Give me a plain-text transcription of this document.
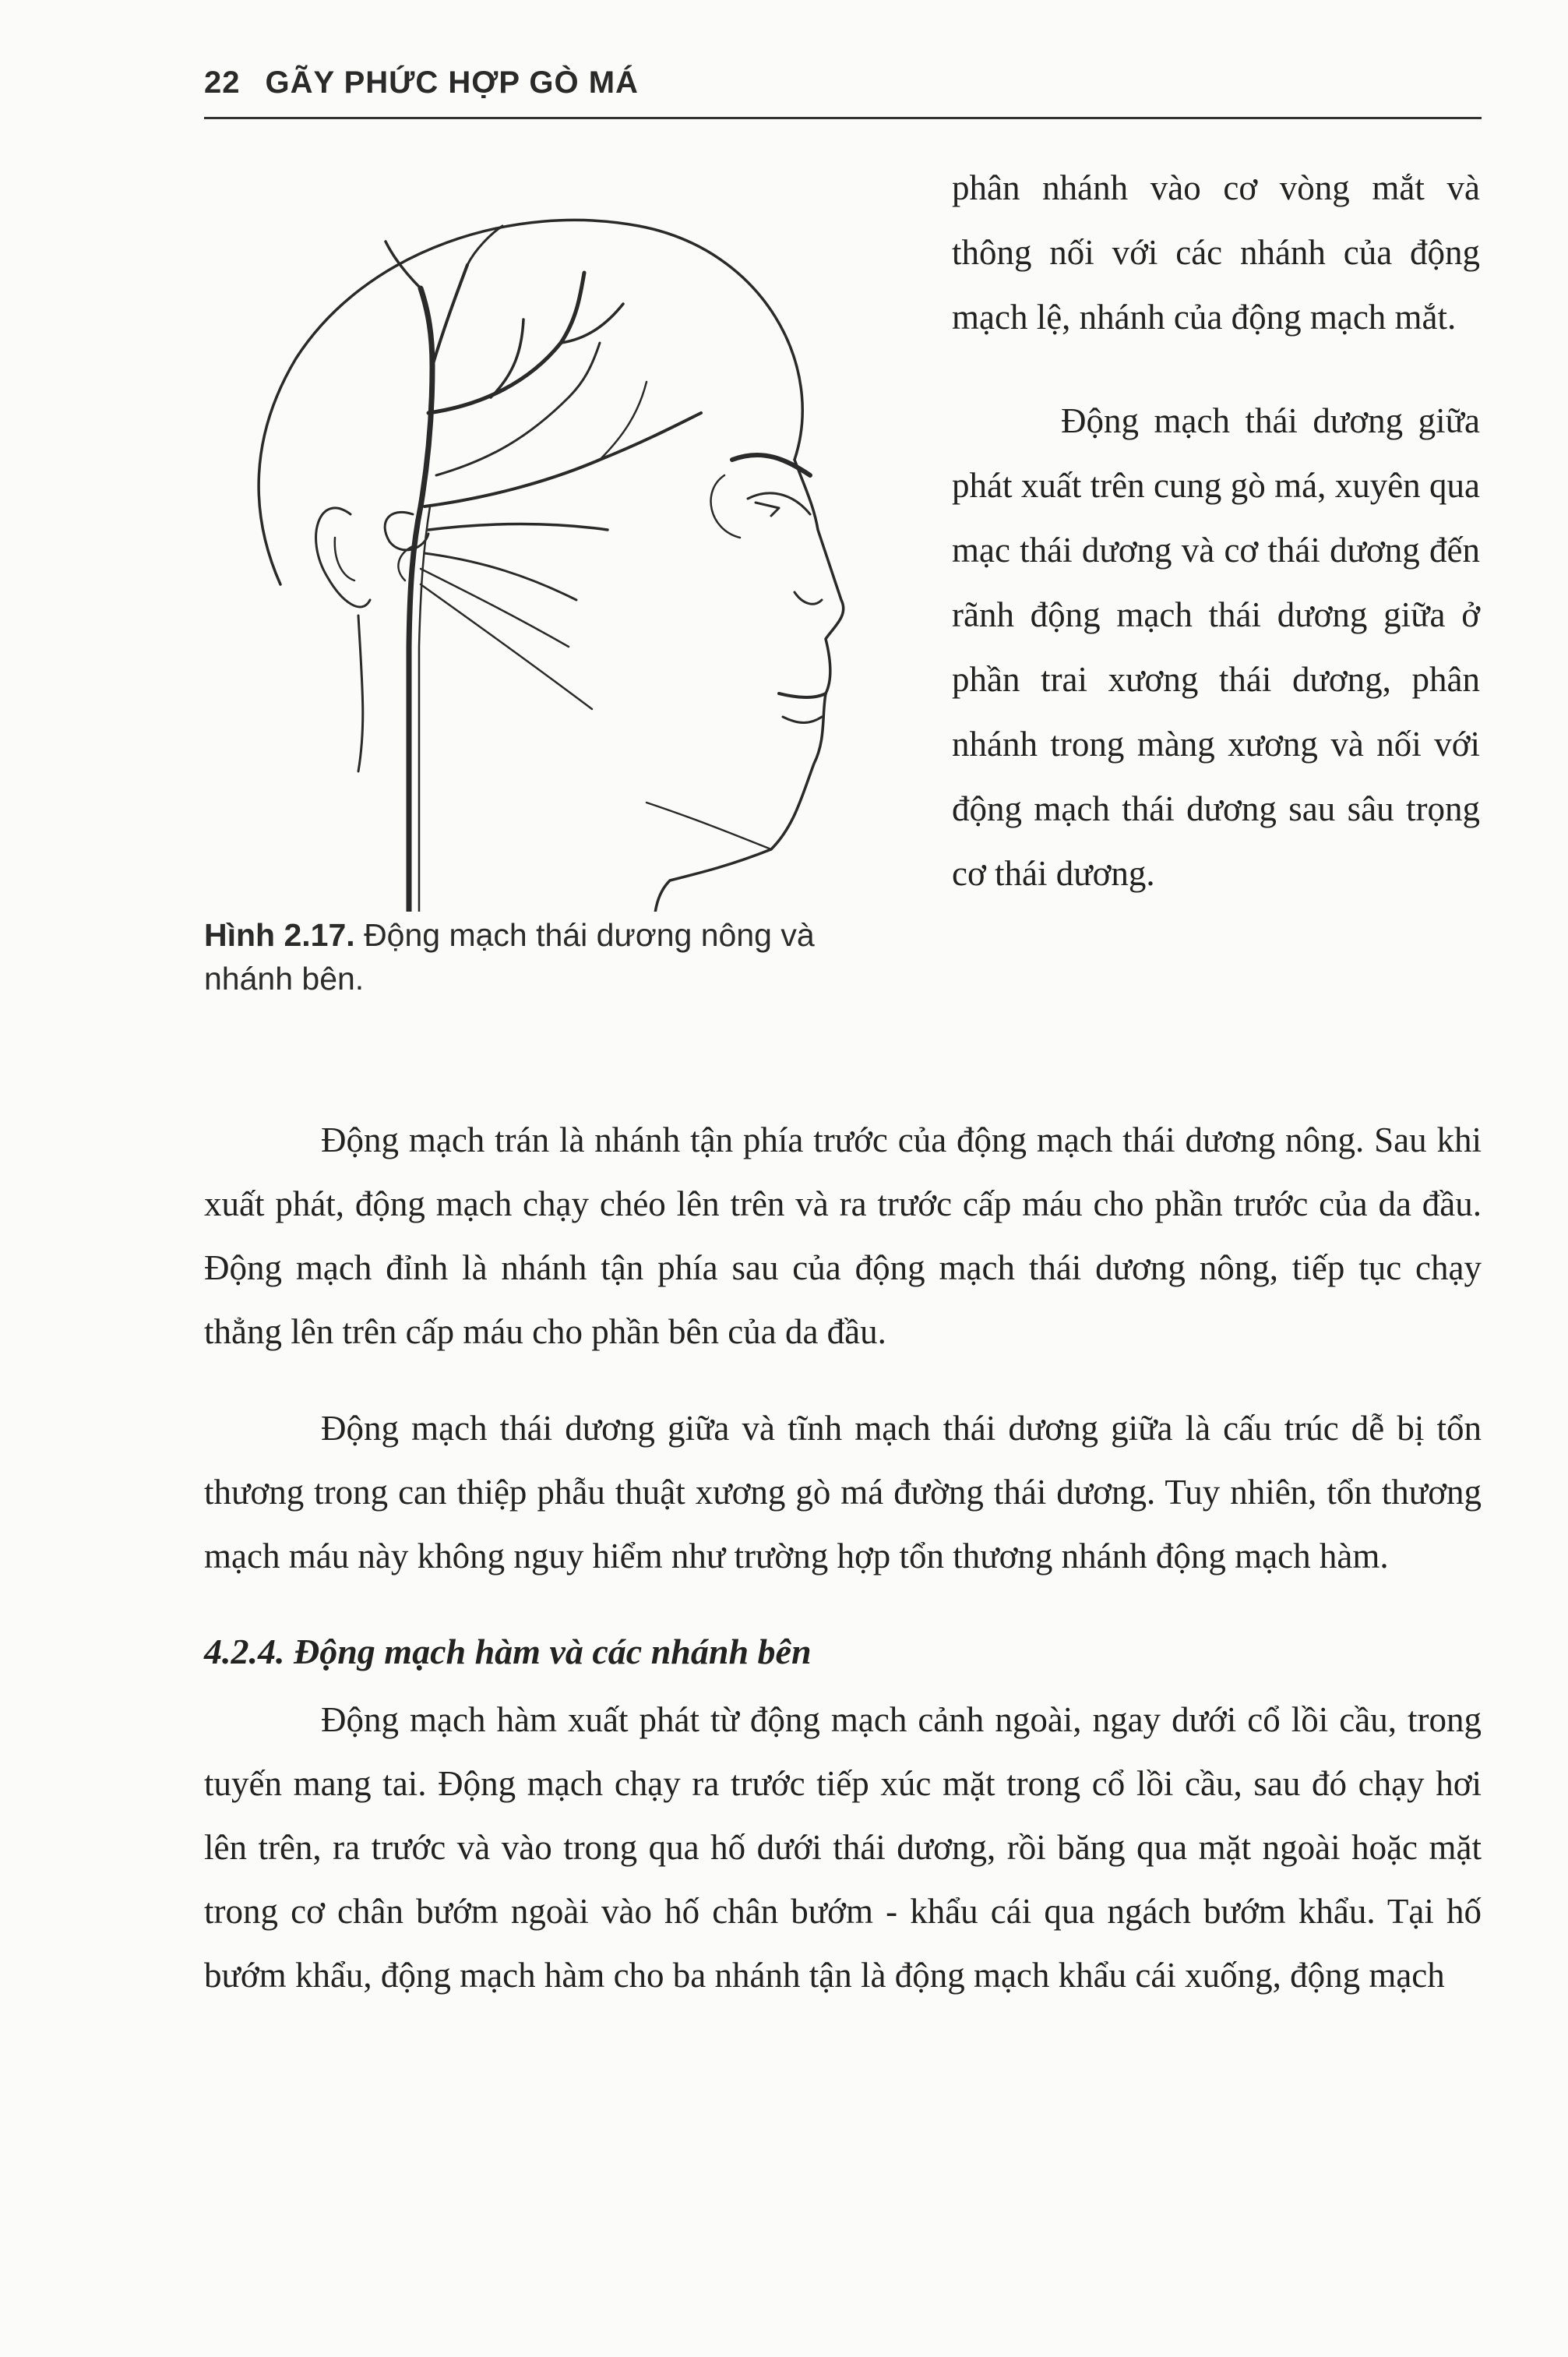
22 GÃY PHỨC HỢP GÒ MÁ
Hình 2.17. Động mạch thái dương nông và nhánh bên.

phân nhánh vào cơ vòng mắt và thông nối với các nhánh của động mạch lệ, nhánh của động mạch mắt.

Động mạch thái dương giữa phát xuất trên cung gò má, xuyên qua mạc thái dương và cơ thái dương đến rãnh động mạch thái dương giữa ở phần trai xương thái dương, phân nhánh trong màng xương và nối với động mạch thái dương sau sâu trọng cơ thái dương.

Động mạch trán là nhánh tận phía trước của động mạch thái dương nông. Sau khi xuất phát, động mạch chạy chéo lên trên và ra trước cấp máu cho phần trước của da đầu. Động mạch đỉnh là nhánh tận phía sau của động mạch thái dương nông, tiếp tục chạy thẳng lên trên cấp máu cho phần bên của da đầu.

Động mạch thái dương giữa và tĩnh mạch thái dương giữa là cấu trúc dễ bị tổn thương trong can thiệp phẫu thuật xương gò má đường thái dương. Tuy nhiên, tổn thương mạch máu này không nguy hiểm như trường hợp tổn thương nhánh động mạch hàm.

4.2.4. Động mạch hàm và các nhánh bên

Động mạch hàm xuất phát từ động mạch cảnh ngoài, ngay dưới cổ lồi cầu, trong tuyến mang tai. Động mạch chạy ra trước tiếp xúc mặt trong cổ lồi cầu, sau đó chạy hơi lên trên, ra trước và vào trong qua hố dưới thái dương, rồi băng qua mặt ngoài hoặc mặt trong cơ chân bướm ngoài vào hố chân bướm - khẩu cái qua ngách bướm khẩu. Tại hố bướm khẩu, động mạch hàm cho ba nhánh tận là động mạch khẩu cái xuống, động mạch
